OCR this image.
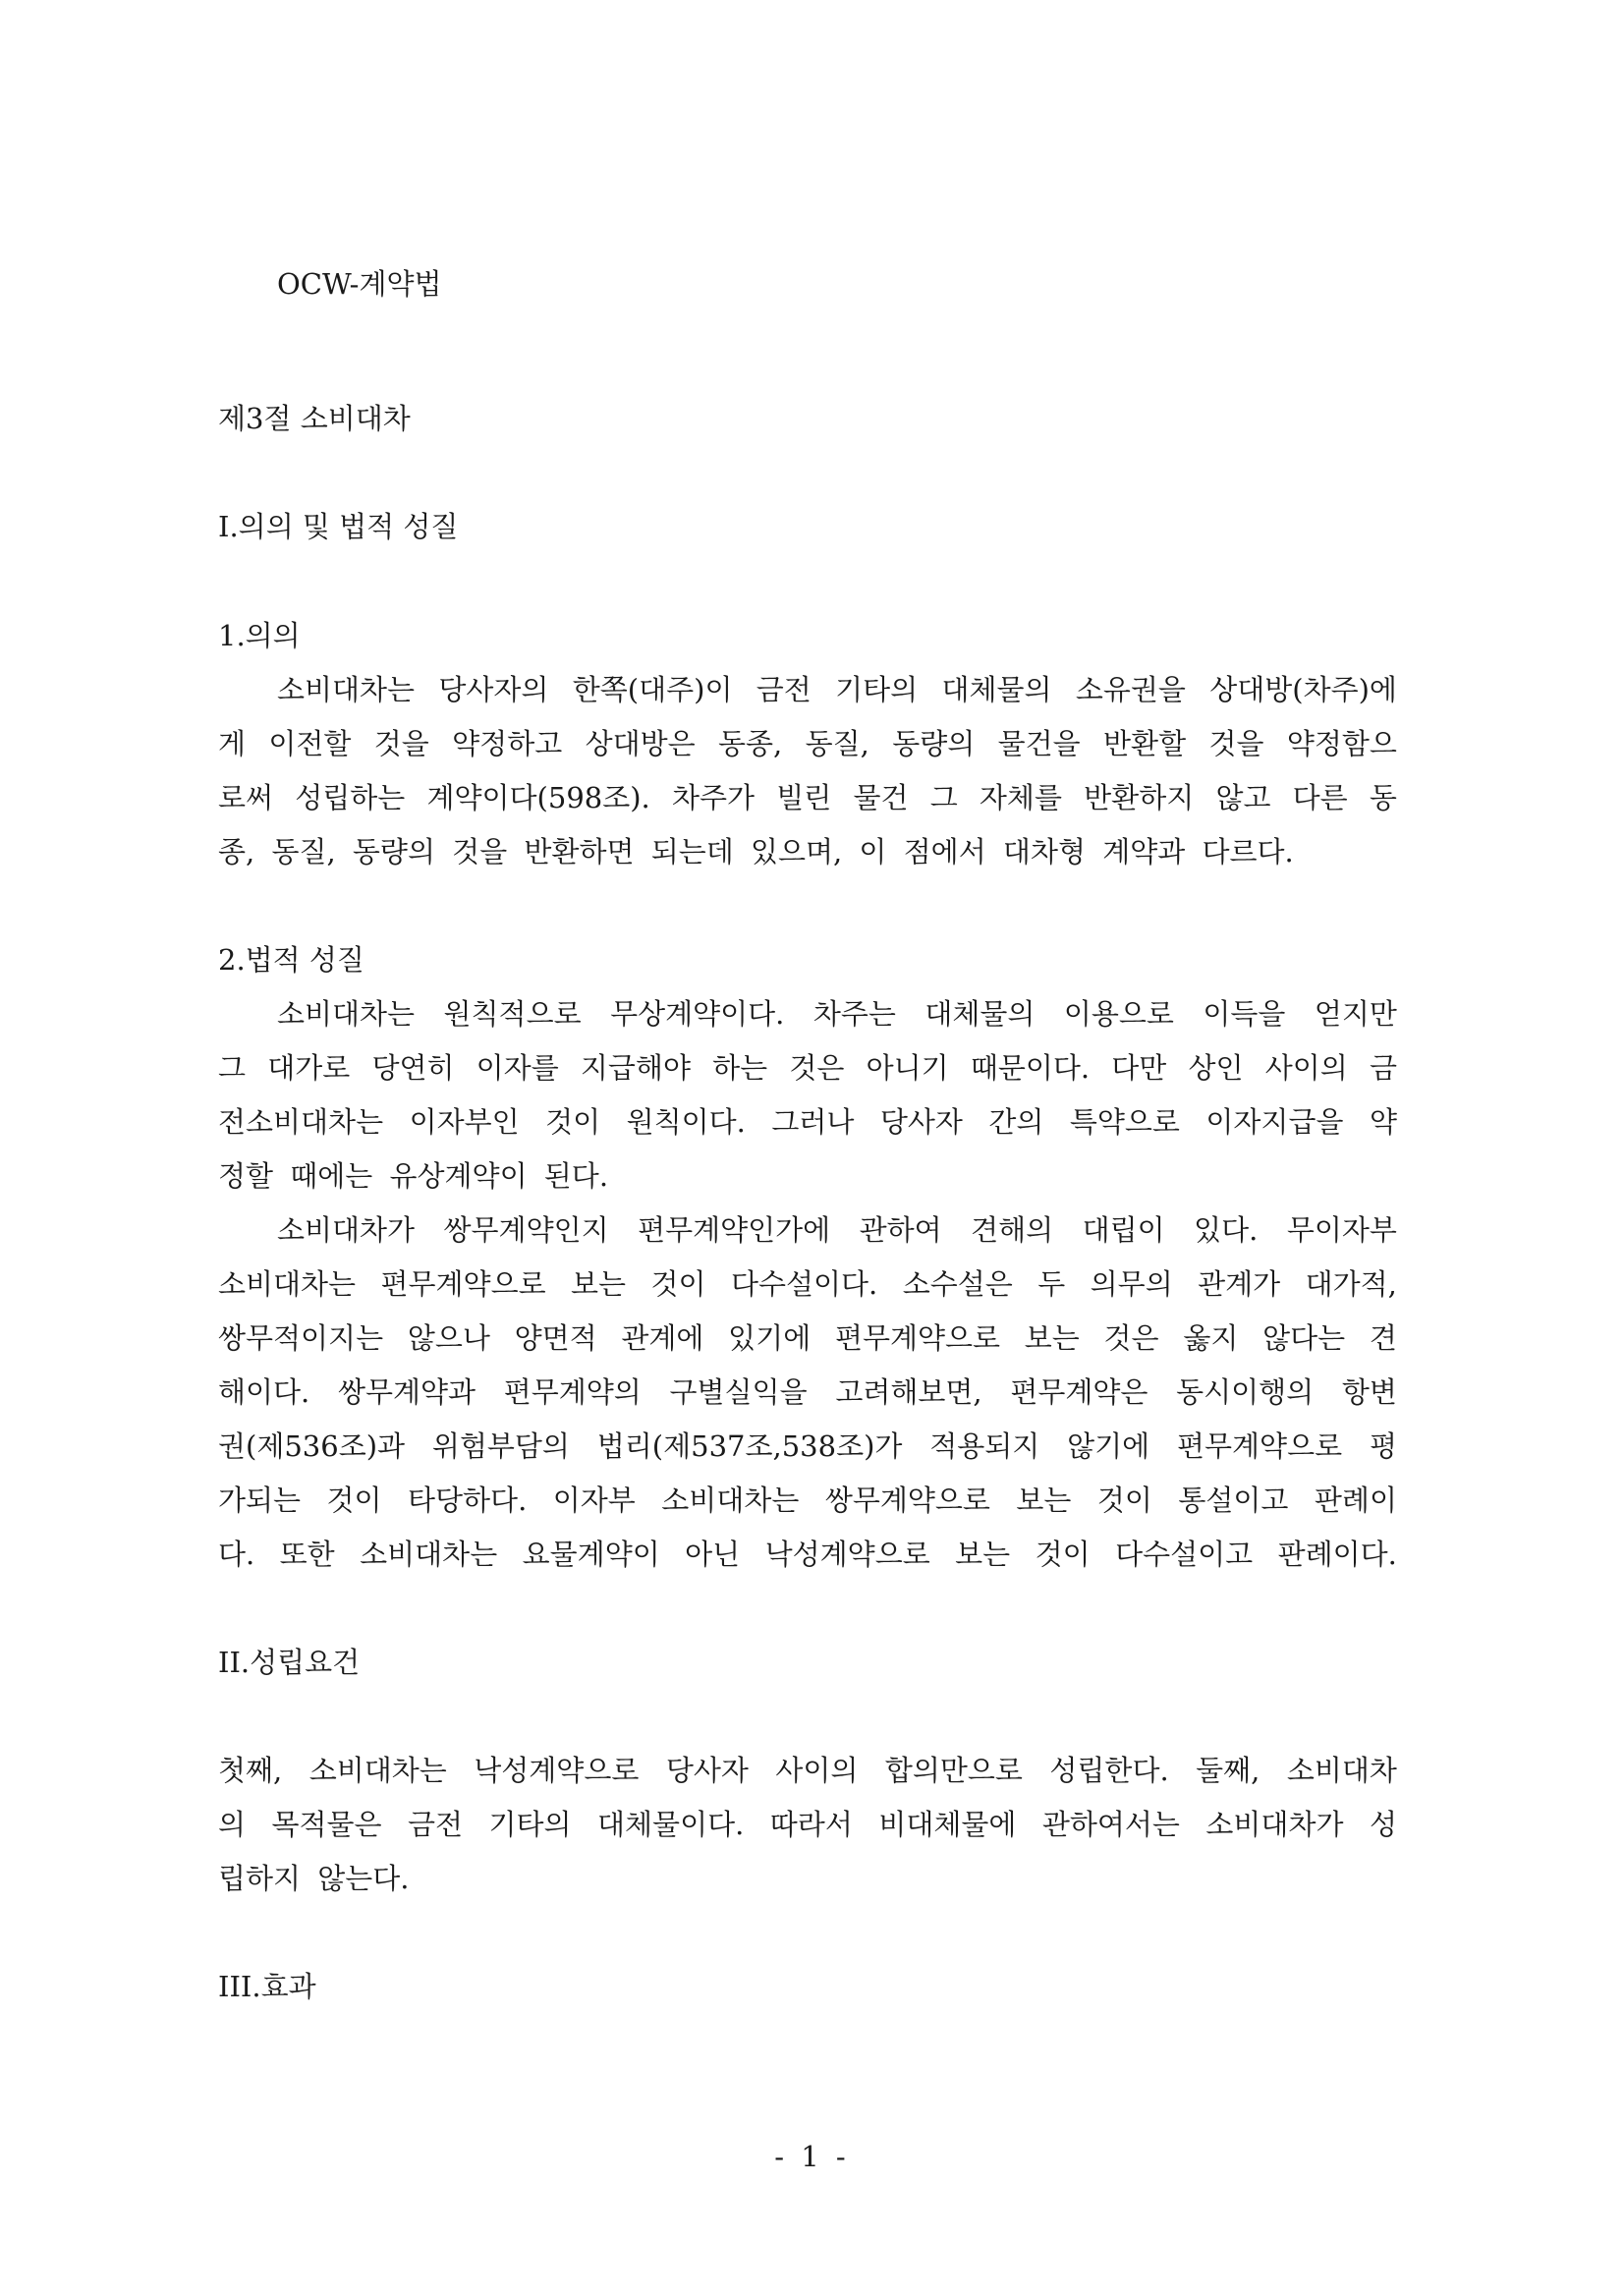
OCW-계약법
제3절 소비대차
I.의의 및 법적 성질
1.의의
소비대차는 당사자의 한쪽(대주)이 금전 기타의 대체물의 소유권을 상대방(차주)에
게 이전할 것을 약정하고 상대방은 동종, 동질, 동량의 물건을 반환할 것을 약정함으
로써 성립하는 계약이다(598조). 차주가 빌린 물건 그 자체를 반환하지 않고 다른 동
종, 동질, 동량의 것을 반환하면 되는데 있으며, 이 점에서 대차형 계약과 다르다.
2.법적 성질
소비대차는 원칙적으로 무상계약이다. 차주는 대체물의 이용으로 이득을 얻지만
그 대가로 당연히 이자를 지급해야 하는 것은 아니기 때문이다. 다만 상인 사이의 금
전소비대차는 이자부인 것이 원칙이다. 그러나 당사자 간의 특약으로 이자지급을 약
정할 때에는 유상계약이 된다.
소비대차가 쌍무계약인지 편무계약인가에 관하여 견해의 대립이 있다. 무이자부
소비대차는 편무계약으로 보는 것이 다수설이다. 소수설은 두 의무의 관계가 대가적,
쌍무적이지는 않으나 양면적 관계에 있기에 편무계약으로 보는 것은 옳지 않다는 견
해이다. 쌍무계약과 편무계약의 구별실익을 고려해보면, 편무계약은 동시이행의 항변
권(제536조)과 위험부담의 법리(제537조,538조)가 적용되지 않기에 편무계약으로 평
가되는 것이 타당하다. 이자부 소비대차는 쌍무계약으로 보는 것이 통설이고 판례이
다. 또한 소비대차는 요물계약이 아닌 낙성계약으로 보는 것이 다수설이고 판례이다.
II.성립요건
첫째, 소비대차는 낙성계약으로 당사자 사이의 합의만으로 성립한다. 둘째, 소비대차
의 목적물은 금전 기타의 대체물이다. 따라서 비대체물에 관하여서는 소비대차가 성
립하지 않는다.
III.효과
- 1 -
